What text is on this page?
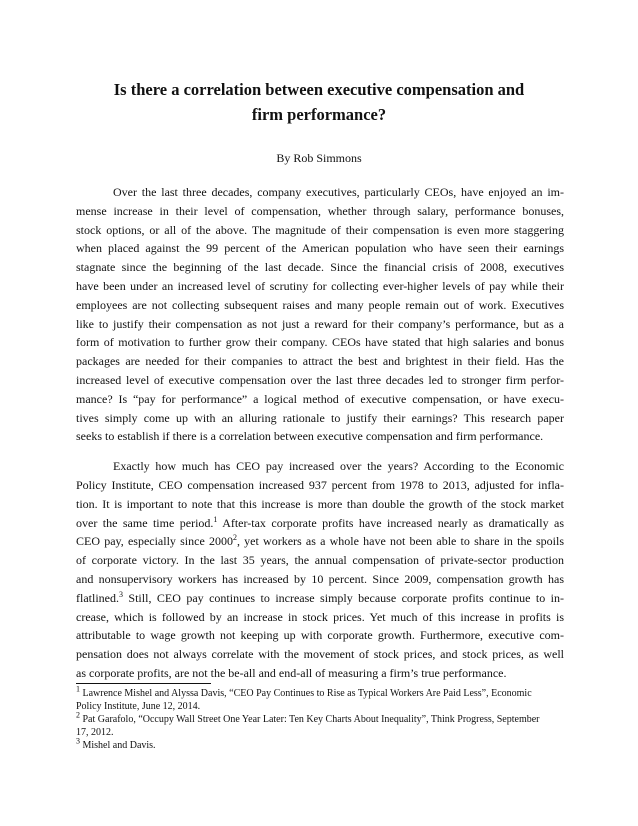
Is there a correlation between executive compensation and
firm performance?

By Rob Simmons

Over the last three decades, company executives, particularly CEOs, have enjoyed an im-
mense increase in their level of compensation, whether through salary, performance bonuses,
stock options, or all of the above. The magnitude of their compensation is even more staggering
when placed against the 99 percent of the American population who have seen their earnings
stagnate since the beginning of the last decade. Since the financial crisis of 2008, executives
have been under an increased level of scrutiny for collecting ever-higher levels of pay while their
employees are not collecting subsequent raises and many people remain out of work. Executives
like to justify their compensation as not just a reward for their company’s performance, but as a
form of motivation to further grow their company. CEOs have stated that high salaries and bonus
packages are needed for their companies to attract the best and brightest in their field. Has the
increased level of executive compensation over the last three decades led to stronger firm perfor-
mance? Is “pay for performance” a logical method of executive compensation, or have execu-
tives simply come up with an alluring rationale to justify their earnings? This research paper
seeks to establish if there is a correlation between executive compensation and firm performance.
Exactly how much has CEO pay increased over the years? According to the Economic
Policy Institute, CEO compensation increased 937 percent from 1978 to 2013, adjusted for infla-
tion. It is important to note that this increase is more than double the growth of the stock market
over the same time period.$^1$ After-tax corporate profits have increased nearly as dramatically as
CEO pay, especially since 2000$^2$, yet workers as a whole have not been able to share in the spoils
of corporate victory. In the last 35 years, the annual compensation of private-sector production
and nonsupervisory workers has increased by 10 percent. Since 2009, compensation growth has
flatlined.$^3$ Still, CEO pay continues to increase simply because corporate profits continue to in-
crease, which is followed by an increase in stock prices. Yet much of this increase in profits is
attributable to wage growth not keeping up with corporate growth. Furthermore, executive com-
pensation does not always correlate with the movement of stock prices, and stock prices, as well
as corporate profits, are not the be-all and end-all of measuring a firm’s true performance.
$^1$ Lawrence Mishel and Alyssa Davis, “CEO Pay Continues to Rise as Typical Workers Are Paid Less”, Economic
Policy Institute, June 12, 2014.
$^2$ Pat Garafolo, “Occupy Wall Street One Year Later: Ten Key Charts About Inequality”, Think Progress, September
17, 2012.
$^3$ Mishel and Davis.
